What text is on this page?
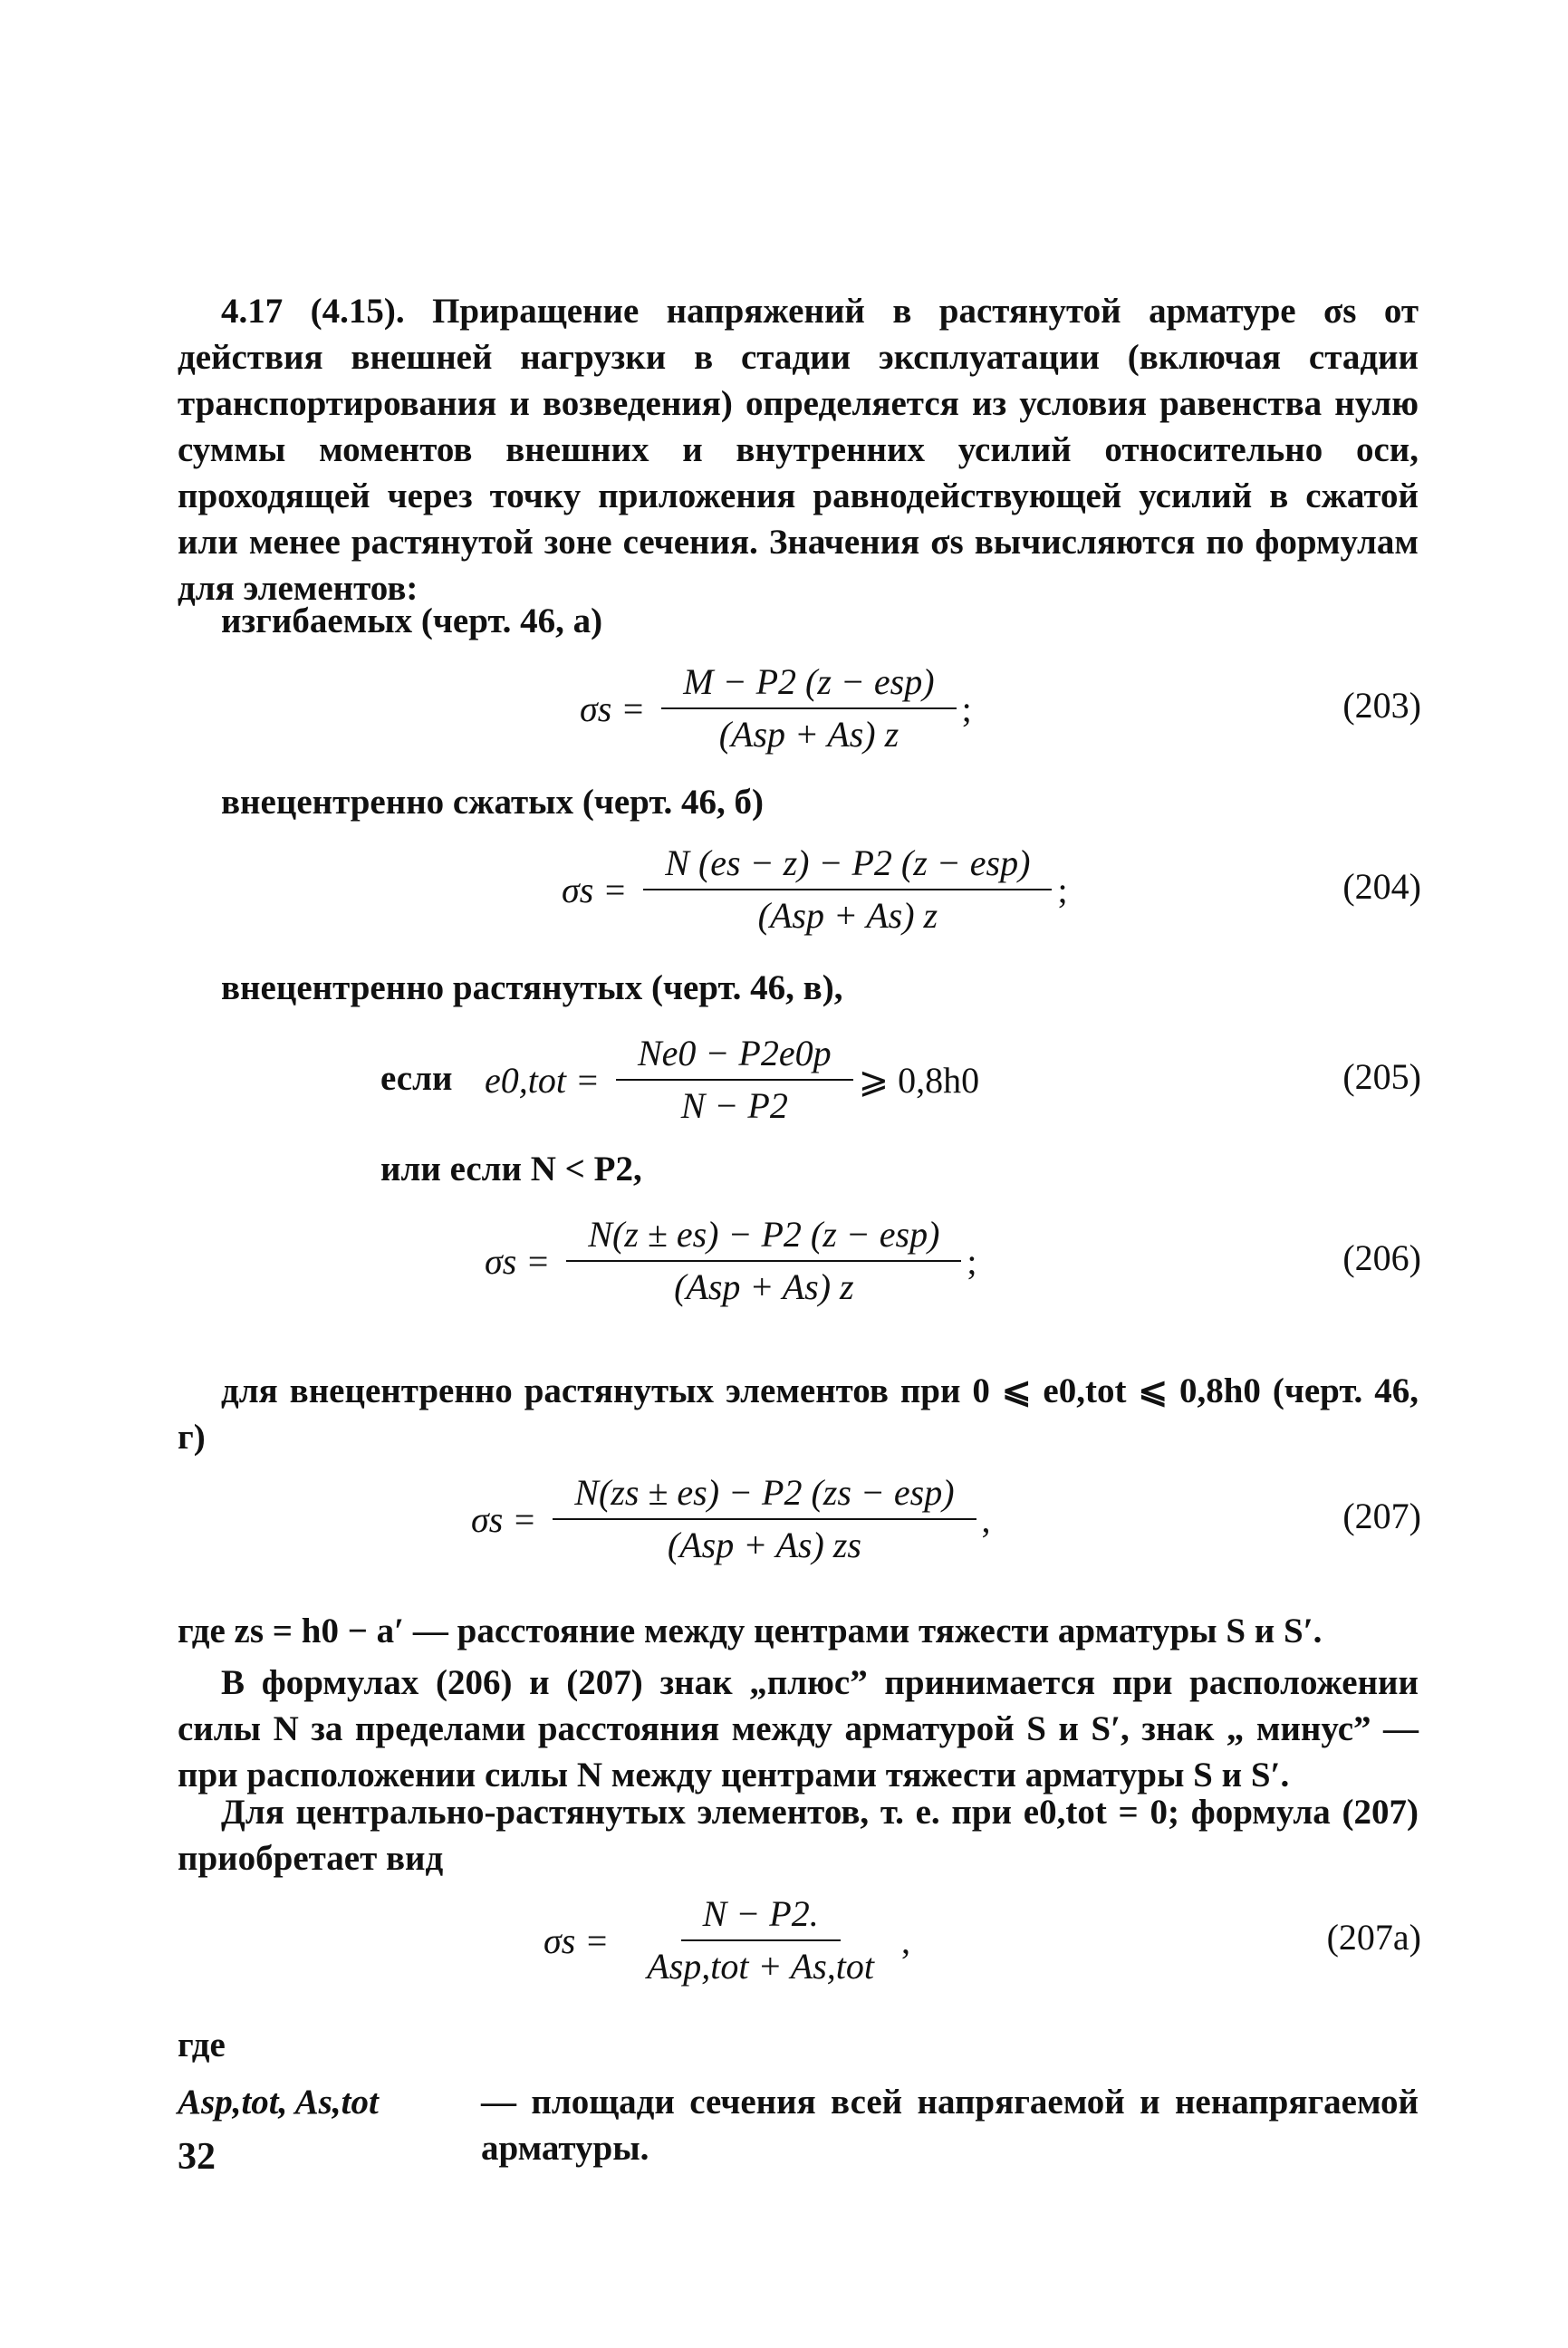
4.17 (4.15). Приращение напряжений в растянутой арматуре σs от действия внешней нагрузки в стадии эксплуатации (включая стадии транспортирования и возведения) определяется из условия равенства нулю суммы моментов внешних и внутренних усилий относительно оси, проходящей через точку приложения равнодействующей усилий в сжатой или менее растянутой зоне сечения. Значения σs вычисляются по формулам для элементов:
изгибаемых (черт. 46, а)
$\sigma s = \frac{\text{M − P2 (z − esp)}}{\text{(Asp + As) z}}$ ;	(203)
внецентренно сжатых (черт. 46, б)
$\sigma s = \frac{\text{N (es − z) − P2 (z − esp)}}{\text{(Asp + As) z}}$ ;	(204)
внецентренно растянутых (черт. 46, в),
если $e0,tot = \frac{Ne0 - P2e0p}{N - P2}$ ⩾ 0,8h0	(205)
или если N < P2,
$\sigma s = \frac{\text{N(z ± es) − P2 (z − esp)}}{\text{(Asp + As) z}}$ ;	(206)
для внецентренно растянутых элементов при 0 ⩽ e0,tot ⩽ 0,8h0 (черт. 46, г)
$\sigma s = \frac{\text{N(zs ± es) − P2 (zs − esp)}}{\text{(Asp + As) zs}}$ ,	(207)
где zs = h0 − a′ — расстояние между центрами тяжести арматуры S и S′.
В формулах (206) и (207) знак „плюс” принимается при расположении силы N за пределами расстояния между арматурой S и S′, знак „ минус” — при расположении силы N между центрами тяжести арматуры S и S′.
Для центрально-растянутых элементов, т. е. при e0,tot = 0; формула (207) приобретает вид
$\sigma s = \frac{N - P2.}{\text{Asp,tot + As,tot}}$ ,	(207а)
где
Asp,tot, As,tot	— площади сечения всей напрягаемой и ненапрягаемой арматуры.
32
